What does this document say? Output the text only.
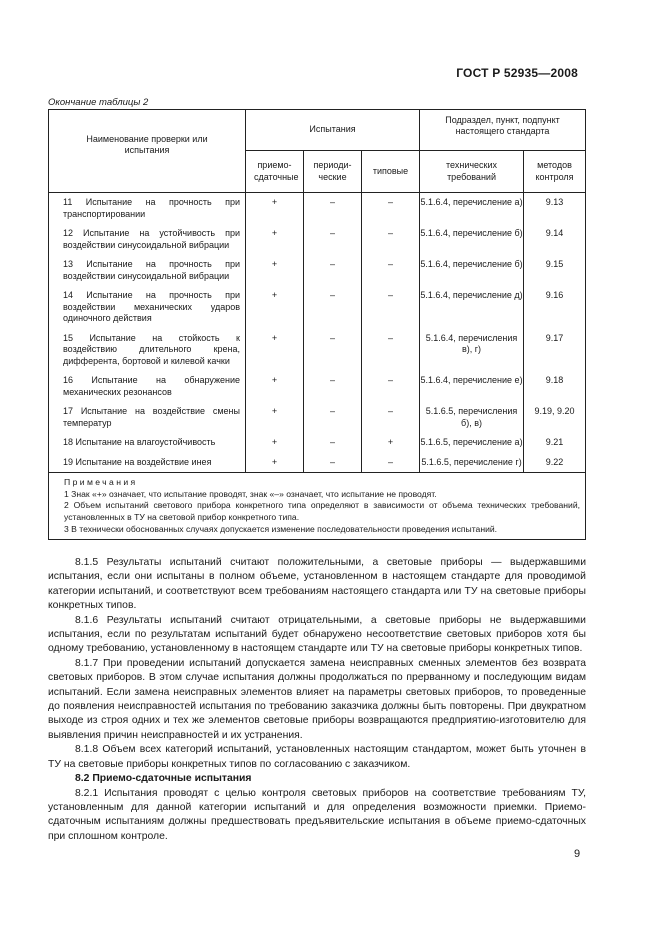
ГОСТ Р 52935—2008
Окончание таблицы 2
Наименование проверки или испытания	Испытания			Подраздел, пункт, подпункт настоящего стандарта	

	приемо-сдаточные	периоди-ческие	типовые	технических требований	методов контроля

11 Испытание на прочность при транспортировании	+	–	–	5.1.6.4, перечисление а)	9.13
12 Испытание на устойчивость при воздействии синусоидальной вибрации	+	–	–	5.1.6.4, перечисление б)	9.14
13 Испытание на прочность при воздействии синусоидальной вибрации	+	–	–	5.1.6.4, перечисление б)	9.15
14 Испытание на прочность при воздействии механических ударов одиночного действия	+	–	–	5.1.6.4, перечисление д)	9.16
15 Испытание на стойкость к воздействию длительного крена, дифферента, бортовой и килевой качки	+	–	–	5.1.6.4, перечисления в), г)	9.17
16 Испытание на обнаружение механических резонансов	+	–	–	5.1.6.4, перечисление е)	9.18
17 Испытание на воздействие смены температур	+	–	–	5.1.6.5, перечисления б), в)	9.19, 9.20
18 Испытание на влагоустойчивость	+	–	+	5.1.6.5, перечисление а)	9.21
19 Испытание на воздействие инея	+	–	–	5.1.6.5, перечисление г)	9.22

Примечания
1 Знак «+» означает, что испытание проводят, знак «–» означает, что испытание не проводят.
2 Объем испытаний светового прибора конкретного типа определяют в зависимости от объема технических требований, установленных в ТУ на световой прибор конкретного типа.
3 В технически обоснованных случаях допускается изменение последовательности проведения испытаний.					

8.1.5 Результаты испытаний считают положительными, а световые приборы — выдержавшими испытания, если они испытаны в полном объеме, установленном в настоящем стандарте для проводимой категории испытаний, и соответствуют всем требованиям настоящего стандарта или ТУ на световые приборы конкретных типов.

8.1.6 Результаты испытаний считают отрицательными, а световые приборы не выдержавшими испытания, если по результатам испытаний будет обнаружено несоответствие световых приборов хотя бы одному требованию, установленному в настоящем стандарте или ТУ на световые приборы конкретных типов.

8.1.7 При проведении испытаний допускается замена неисправных сменных элементов без возврата световых приборов. В этом случае испытания должны продолжаться по прерванному и последующим видам испытаний. Если замена неисправных элементов влияет на параметры световых приборов, то проведенные до появления неисправностей испытания по требованию заказчика должны быть повторены. При двукратном выходе из строя одних и тех же элементов световые приборы возвращаются предприятию-изготовителю для выявления причин неисправностей и их устранения.

8.1.8 Объем всех категорий испытаний, установленных настоящим стандартом, может быть уточнен в ТУ на световые приборы конкретных типов по согласованию с заказчиком.

8.2 Приемо-сдаточные испытания

8.2.1 Испытания проводят с целью контроля световых приборов на соответствие требованиям ТУ, установленным для данной категории испытаний и для определения возможности приемки. Приемо-сдаточным испытаниям должны предшествовать предъявительские испытания в объеме приемо-сдаточных при сплошном контроле.

9
